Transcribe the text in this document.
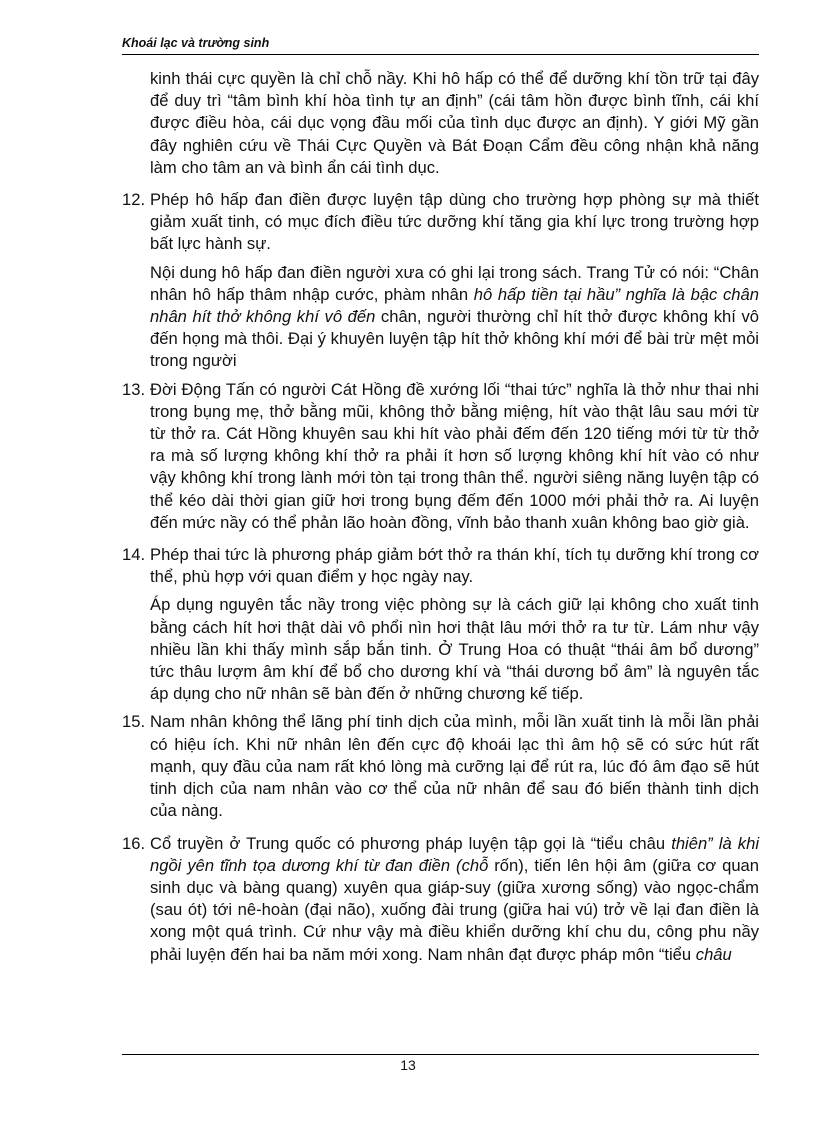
Khoái lạc và trường sinh

kinh thái cực quyền là chỉ chỗ nầy. Khi hô hấp có thể để dưỡng khí tồn trữ tại đây để duy trì “tâm bình khí hòa tình tự an định” (cái tâm hồn được bình tĩnh, cái khí được điều hòa, cái dục vọng đầu mối của tình dục được an định). Y giới Mỹ gần đây nghiên cứu về Thái Cực Quyền và Bát Đoạn Cẩm đều công nhận khả năng làm cho tâm an và bình ẩn cái tình dục.

12. Phép hô hấp đan điền được luyện tập dùng cho trường hợp phòng sự mà thiết giảm xuất tinh, có mục đích điều tức dưỡng khí tăng gia khí lực trong trường hợp bất lực hành sự.

Nội dung hô hấp đan điền người xưa có ghi lại trong sách. Trang Tử có nói: “Chân nhân hô hấp thâm nhập cước, phàm nhân hô hấp tiền tại hầu” nghĩa là bậc chân nhân hít thở không khí vô đến chân, người thường chỉ hít thở được không khí vô đến họng mà thôi. Đại ý khuyên luyện tập hít thở không khí mới để bài trừ mệt mỏi trong người

13. Đời Động Tấn có người Cát Hồng đề xướng lối “thai tức” nghĩa là thở như thai nhi trong bụng mẹ, thở bằng mũi, không thở bằng miệng, hít vào thật lâu sau mới từ từ thở ra. Cát Hồng khuyên sau khi hít vào phải đếm đến 120 tiếng mới từ từ thở ra mà số lượng không khí thở ra phải ít hơn số lượng không khí hít vào có như vậy không khí trong lành mới tòn tại trong thân thể. người siêng năng luyện tập có thể kéo dài thời gian giữ hơi trong bụng đếm đến 1000 mới phải thở ra. Ai luyện đến mức nầy có thể phản lão hoàn đồng, vĩnh bảo thanh xuân không bao giờ già.

14. Phép thai tức là phương pháp giảm bớt thở ra thán khí, tích tụ dưỡng khí trong cơ thể, phù hợp với quan điểm y học ngày nay.

Áp dụng nguyên tắc nầy trong việc phòng sự là cách giữ lại không cho xuất tinh bằng cách hít hơi thật dài vô phổi nìn hơi thật lâu mới thở ra tư từ. Lám như vậy nhiều lần khi thấy mình sắp bắn tinh. Ở Trung Hoa có thuật “thái âm bổ dương” tức thâu lượm âm khí để bổ cho dương khí và “thái dương bổ âm” là nguyên tắc áp dụng cho nữ nhân sẽ bàn đến ở những chương kế tiếp.

15. Nam nhân không thể lãng phí tinh dịch của mình, mỗi lần xuất tinh là mỗi lần phải có hiệu ích. Khi nữ nhân lên đến cực độ khoái lạc thì âm hộ sẽ có sức hút rất mạnh, quy đầu của nam rất khó lòng mà cưỡng lại để rút ra, lúc đó âm đạo sẽ hút tinh dịch của nam nhân vào cơ thể của nữ nhân để sau đó biến thành tinh dịch của nàng.

16. Cổ truyền ở Trung quốc có phương pháp luyện tập gọi là “tiểu châu thiên” là khi ngồi yên tĩnh tọa dương khí từ đan điền (chỗ rốn), tiến lên hội âm (giữa cơ quan sinh dục và bàng quang) xuyên qua giáp-suy (giữa xương sống) vào ngọc-chẩm (sau ót) tới nê-hoàn (đại não), xuống đài trung (giữa hai vú) trở về lại đan điền là xong một quá trình. Cứ như vậy mà điều khiển dưỡng khí chu du, công phu nầy phải luyện đến hai ba năm mới xong. Nam nhân đạt được pháp môn “tiểu châu

13
